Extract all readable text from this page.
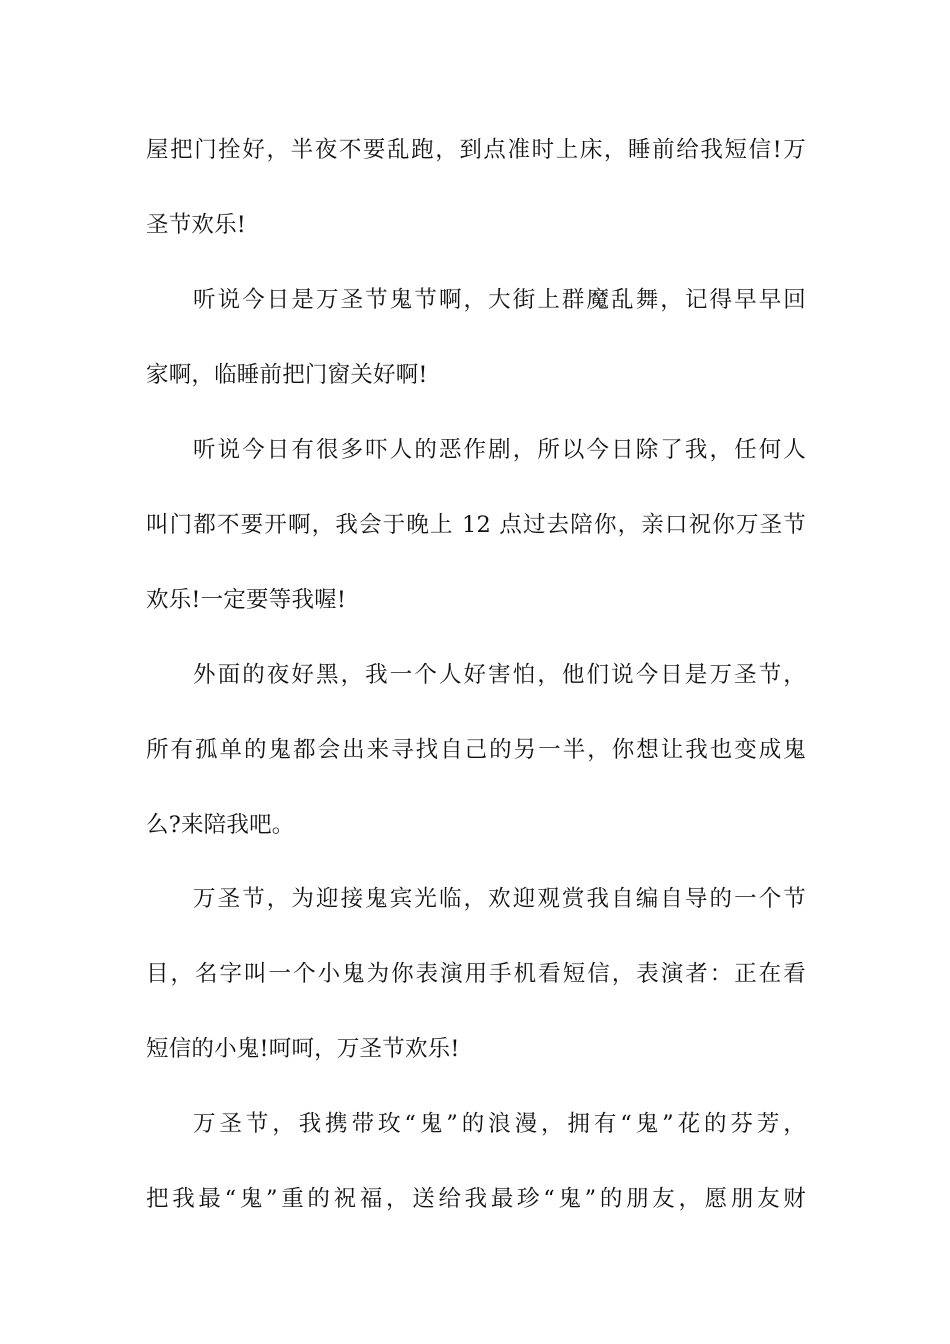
屋把门拴好，半夜不要乱跑，到点准时上床，睡前给我短信!万
圣节欢乐!
听说今日是万圣节鬼节啊，大街上群魔乱舞，记得早早回
家啊，临睡前把门窗关好啊!
听说今日有很多吓人的恶作剧，所以今日除了我，任何人
叫门都不要开啊，我会于晚上 12 点过去陪你，亲口祝你万圣节
欢乐!一定要等我喔!
外面的夜好黑，我一个人好害怕，他们说今日是万圣节，
所有孤单的鬼都会出来寻找自己的另一半，你想让我也变成鬼
么?来陪我吧。
万圣节，为迎接鬼宾光临，欢迎观赏我自编自导的一个节
目，名字叫一个小鬼为你表演用手机看短信，表演者：正在看
短信的小鬼!呵呵，万圣节欢乐!
万圣节，我携带玫“鬼”的浪漫，拥有“鬼”花的芬芳，
把我最“鬼”重的祝福，送给我最珍“鬼”的朋友，愿朋友财
